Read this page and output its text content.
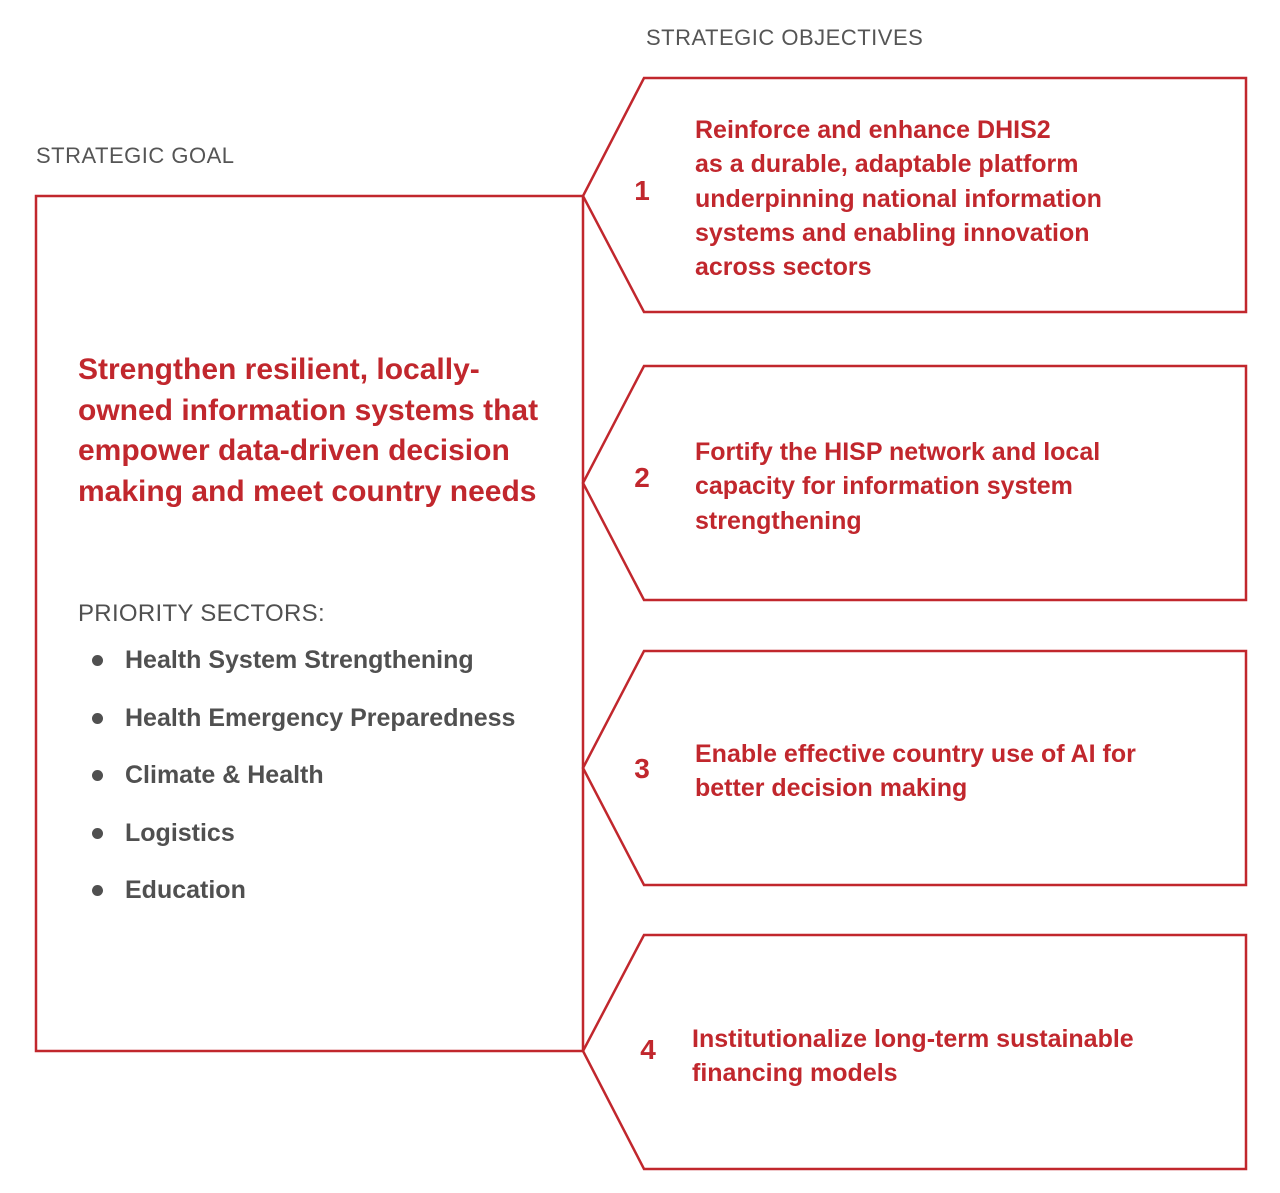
STRATEGIC OBJECTIVES
STRATEGIC GOAL
Strengthen resilient, locally-owned information systems that empower data-driven decision making and meet country needs
PRIORITY SECTORS:
Health System Strengthening
Health Emergency Preparedness
Climate & Health
Logistics
Education
1
Reinforce and enhance DHIS2
as a durable, adaptable platform
underpinning national information
systems and enabling innovation
across sectors
2
Fortify the HISP network and local
capacity for information system
strengthening
3 Enable effective country use of AI for
better decision making
4 Institutionalize long-term sustainable
financing models
